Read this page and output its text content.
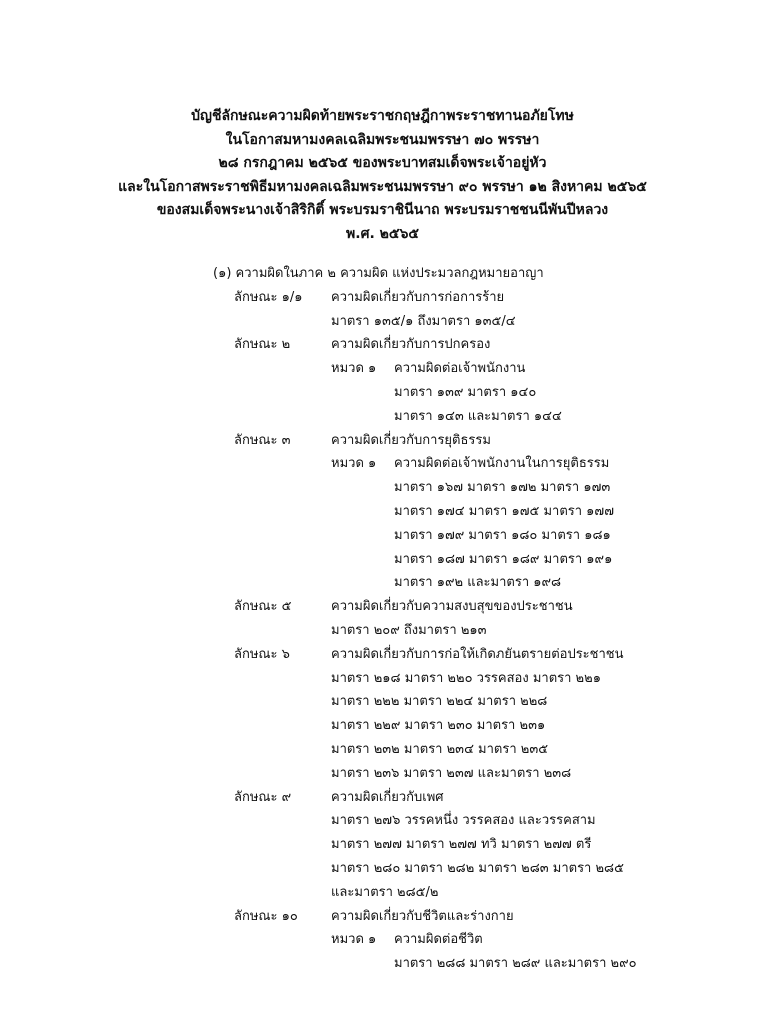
บัญชีลักษณะความผิดท้ายพระราชกฤษฎีกาพระราชทานอภัยโทษ
ในโอกาสมหามงคลเฉลิมพระชนมพรรษา ๗๐ พรรษา
๒๘ กรกฎาคม ๒๕๖๕ ของพระบาทสมเด็จพระเจ้าอยู่หัว
และในโอกาสพระราชพิธีมหามงคลเฉลิมพระชนมพรรษา ๙๐ พรรษา ๑๒ สิงหาคม ๒๕๖๕
ของสมเด็จพระนางเจ้าสิริกิติ์ พระบรมราชินีนาถ พระบรมราชชนนีพันปีหลวง
พ.ศ. ๒๕๖๕
(๑) ความผิดในภาค ๒ ความผิด แห่งประมวลกฎหมายอาญา
ลักษณะ ๑/๑ ความผิดเกี่ยวกับการก่อการร้าย
มาตรา ๑๓๕/๑ ถึงมาตรา ๑๓๕/๔
ลักษณะ ๒	ความผิดเกี่ยวกับการปกครอง
หมวด ๑ ความผิดต่อเจ้าพนักงาน
มาตรา ๑๓๙ มาตรา ๑๔๐
มาตรา ๑๔๓ และมาตรา ๑๔๔
ลักษณะ ๓	ความผิดเกี่ยวกับการยุติธรรม
หมวด ๑ ความผิดต่อเจ้าพนักงานในการยุติธรรม
มาตรา ๑๖๗ มาตรา ๑๗๒ มาตรา ๑๗๓
มาตรา ๑๗๔ มาตรา ๑๗๕ มาตรา ๑๗๗
มาตรา ๑๗๙ มาตรา ๑๘๐ มาตรา ๑๘๑
มาตรา ๑๘๗ มาตรา ๑๘๙ มาตรา ๑๙๑
มาตรา ๑๙๒ และมาตรา ๑๙๘
ลักษณะ ๕	ความผิดเกี่ยวกับความสงบสุขของประชาชน
มาตรา ๒๐๙ ถึงมาตรา ๒๑๓
ลักษณะ ๖	ความผิดเกี่ยวกับการก่อให้เกิดภยันตรายต่อประชาชน
มาตรา ๒๑๘ มาตรา ๒๒๐ วรรคสอง มาตรา ๒๒๑
มาตรา ๒๒๒ มาตรา ๒๒๔ มาตรา ๒๒๘
มาตรา ๒๒๙ มาตรา ๒๓๐ มาตรา ๒๓๑
มาตรา ๒๓๒ มาตรา ๒๓๔ มาตรา ๒๓๕
มาตรา ๒๓๖ มาตรา ๒๓๗ และมาตรา ๒๓๘
ลักษณะ ๙	ความผิดเกี่ยวกับเพศ
มาตรา ๒๗๖ วรรคหนึ่ง วรรคสอง และวรรคสาม
มาตรา ๒๗๗ มาตรา ๒๗๗ ทวิ มาตรา ๒๗๗ ตรี
มาตรา ๒๘๐ มาตรา ๒๘๒ มาตรา ๒๘๓ มาตรา ๒๘๕
และมาตรา ๒๘๕/๒
ลักษณะ ๑๐	ความผิดเกี่ยวกับชีวิตและร่างกาย
หมวด ๑ ความผิดต่อชีวิต
มาตรา ๒๘๘ มาตรา ๒๘๙ และมาตรา ๒๙๐
